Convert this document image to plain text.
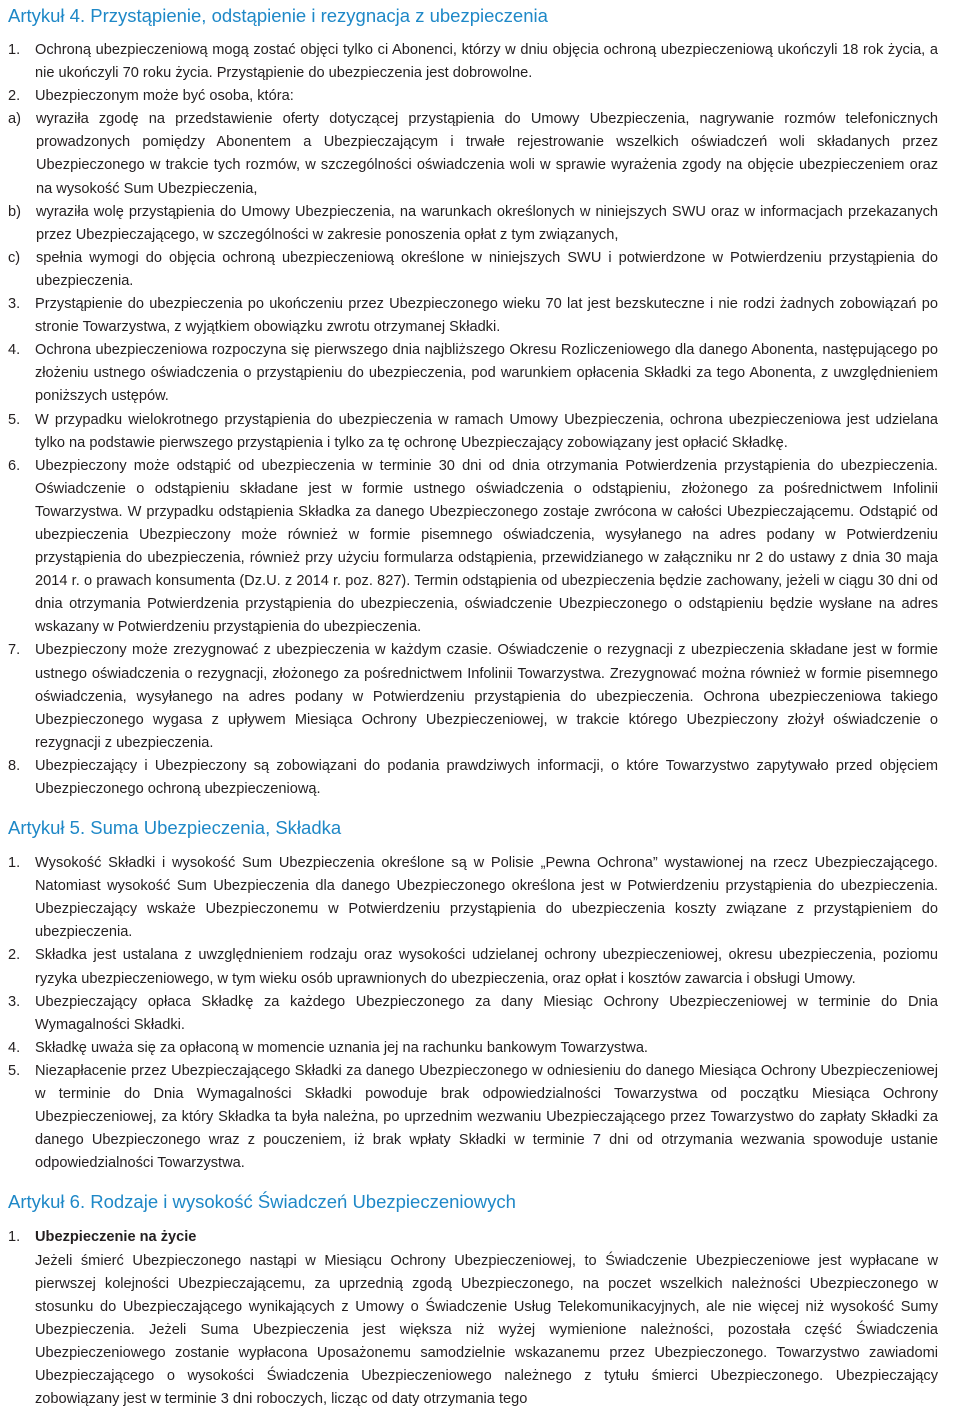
Artykuł 4. Przystąpienie, odstąpienie i rezygnacja z ubezpieczenia
1. Ochroną ubezpieczeniową mogą zostać objęci tylko ci Abonenci, którzy w dniu objęcia ochroną ubezpieczeniową ukończyli 18 rok życia, a nie ukończyli 70 roku życia. Przystąpienie do ubezpieczenia jest dobrowolne.
2. Ubezpieczonym może być osoba, która:
a) wyraziła zgodę na przedstawienie oferty dotyczącej przystąpienia do Umowy Ubezpieczenia, nagrywanie rozmów telefonicznych prowadzonych pomiędzy Abonentem a Ubezpieczającym i trwałe rejestrowanie wszelkich oświadczeń woli składanych przez Ubezpieczonego w trakcie tych rozmów, w szczególności oświadczenia woli w sprawie wyrażenia zgody na objęcie ubezpieczeniem oraz na wysokość Sum Ubezpieczenia,
b) wyraziła wolę przystąpienia do Umowy Ubezpieczenia, na warunkach określonych w niniejszych SWU oraz w informacjach przekazanych przez Ubezpieczającego, w szczególności w zakresie ponoszenia opłat z tym związanych,
c) spełnia wymogi do objęcia ochroną ubezpieczeniową określone w niniejszych SWU i potwierdzone w Potwierdzeniu przystąpienia do ubezpieczenia.
3. Przystąpienie do ubezpieczenia po ukończeniu przez Ubezpieczonego wieku 70 lat jest bezskuteczne i nie rodzi żadnych zobowiązań po stronie Towarzystwa, z wyjątkiem obowiązku zwrotu otrzymanej Składki.
4. Ochrona ubezpieczeniowa rozpoczyna się pierwszego dnia najbliższego Okresu Rozliczeniowego dla danego Abonenta, następującego po złożeniu ustnego oświadczenia o przystąpieniu do ubezpieczenia, pod warunkiem opłacenia Składki za tego Abonenta, z uwzględnieniem poniższych ustępów.
5. W przypadku wielokrotnego przystąpienia do ubezpieczenia w ramach Umowy Ubezpieczenia, ochrona ubezpieczeniowa jest udzielana tylko na podstawie pierwszego przystąpienia i tylko za tę ochronę Ubezpieczający zobowiązany jest opłacić Składkę.
6. Ubezpieczony może odstąpić od ubezpieczenia w terminie 30 dni od dnia otrzymania Potwierdzenia przystąpienia do ubezpieczenia. Oświadczenie o odstąpieniu składane jest w formie ustnego oświadczenia o odstąpieniu, złożonego za pośrednictwem Infolinii Towarzystwa. W przypadku odstąpienia Składka za danego Ubezpieczonego zostaje zwrócona w całości Ubezpieczającemu. Odstąpić od ubezpieczenia Ubezpieczony może również w formie pisemnego oświadczenia, wysyłanego na adres podany w Potwierdzeniu przystąpienia do ubezpieczenia, również przy użyciu formularza odstąpienia, przewidzianego w załączniku nr 2 do ustawy z dnia 30 maja 2014 r. o prawach konsumenta (Dz.U. z 2014 r. poz. 827). Termin odstąpienia od ubezpieczenia będzie zachowany, jeżeli w ciągu 30 dni od dnia otrzymania Potwierdzenia przystąpienia do ubezpieczenia, oświadczenie Ubezpieczonego o odstąpieniu będzie wysłane na adres wskazany w Potwierdzeniu przystąpienia do ubezpieczenia.
7. Ubezpieczony może zrezygnować z ubezpieczenia w każdym czasie. Oświadczenie o rezygnacji z ubezpieczenia składane jest w formie ustnego oświadczenia o rezygnacji, złożonego za pośrednictwem Infolinii Towarzystwa. Zrezygnować można również w formie pisemnego oświadczenia, wysyłanego na adres podany w Potwierdzeniu przystąpienia do ubezpieczenia. Ochrona ubezpieczeniowa takiego Ubezpieczonego wygasa z upływem Miesiąca Ochrony Ubezpieczeniowej, w trakcie którego Ubezpieczony złożył oświadczenie o rezygnacji z ubezpieczenia.
8. Ubezpieczający i Ubezpieczony są zobowiązani do podania prawdziwych informacji, o które Towarzystwo zapytywało przed objęciem Ubezpieczonego ochroną ubezpieczeniową.
Artykuł 5. Suma Ubezpieczenia, Składka
1. Wysokość Składki i wysokość Sum Ubezpieczenia określone są w Polisie „Pewna Ochrona” wystawionej na rzecz Ubezpieczającego. Natomiast wysokość Sum Ubezpieczenia dla danego Ubezpieczonego określona jest w Potwierdzeniu przystąpienia do ubezpieczenia. Ubezpieczający wskaże Ubezpieczonemu w Potwierdzeniu przystąpienia do ubezpieczenia koszty związane z przystąpieniem do ubezpieczenia.
2. Składka jest ustalana z uwzględnieniem rodzaju oraz wysokości udzielanej ochrony ubezpieczeniowej, okresu ubezpieczenia, poziomu ryzyka ubezpieczeniowego, w tym wieku osób uprawnionych do ubezpieczenia, oraz opłat i kosztów zawarcia i obsługi Umowy.
3. Ubezpieczający opłaca Składkę za każdego Ubezpieczonego za dany Miesiąc Ochrony Ubezpieczeniowej w terminie do Dnia Wymagalności Składki.
4. Składkę uważa się za opłaconą w momencie uznania jej na rachunku bankowym Towarzystwa.
5. Niezapłacenie przez Ubezpieczającego Składki za danego Ubezpieczonego w odniesieniu do danego Miesiąca Ochrony Ubezpieczeniowej w terminie do Dnia Wymagalności Składki powoduje brak odpowiedzialności Towarzystwa od początku Miesiąca Ochrony Ubezpieczeniowej, za który Składka ta była należna, po uprzednim wezwaniu Ubezpieczającego przez Towarzystwo do zapłaty Składki za danego Ubezpieczonego wraz z pouczeniem, iż brak wpłaty Składki w terminie 7 dni od otrzymania wezwania spowoduje ustanie odpowiedzialności Towarzystwa.
Artykuł 6. Rodzaje i wysokość Świadczeń Ubezpieczeniowych
1. Ubezpieczenie na życie
Jeżeli śmierć Ubezpieczonego nastąpi w Miesiącu Ochrony Ubezpieczeniowej, to Świadczenie Ubezpieczeniowe jest wypłacane w pierwszej kolejności Ubezpieczającemu, za uprzednią zgodą Ubezpieczonego, na poczet wszelkich należności Ubezpieczonego w stosunku do Ubezpieczającego wynikających z Umowy o Świadczenie Usług Telekomunikacyjnych, ale nie więcej niż wysokość Sumy Ubezpieczenia. Jeżeli Suma Ubezpieczenia jest większa niż wyżej wymienione należności, pozostała część Świadczenia Ubezpieczeniowego zostanie wypłacona Uposażonemu samodzielnie wskazanemu przez Ubezpieczonego. Towarzystwo zawiadomi Ubezpieczającego o wysokości Świadczenia Ubezpieczeniowego należnego z tytułu śmierci Ubezpieczonego. Ubezpieczający zobowiązany jest w terminie 3 dni roboczych, licząc od daty otrzymania tego
